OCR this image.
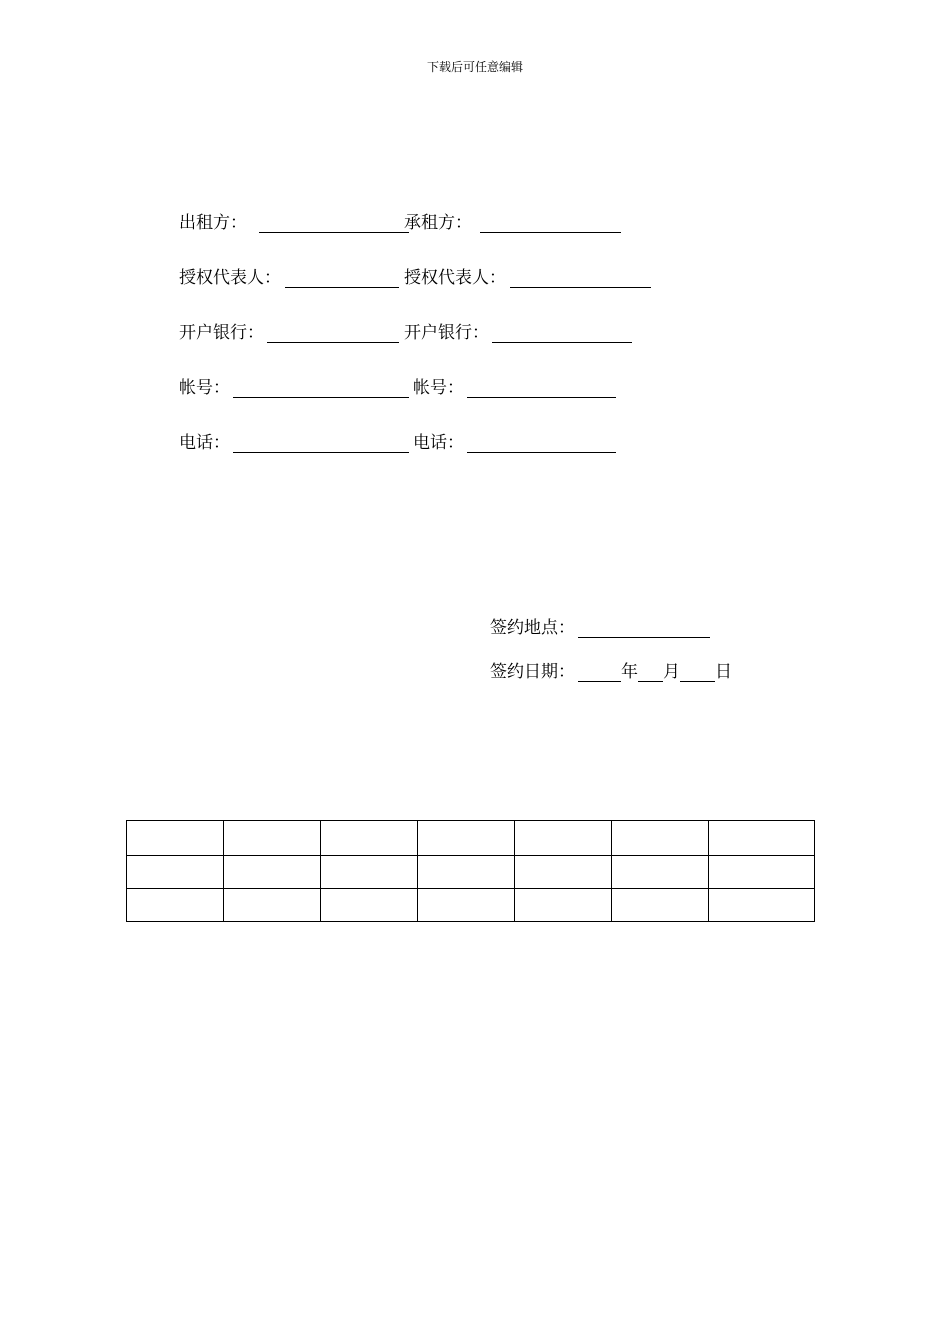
下载后可任意编辑
出租方：	承租方：
授权代表人：	授权代表人：
开户银行：	开户银行：
帐号：	帐号：
电话：	电话：
签约地点：
签约日期：	年 月 日
